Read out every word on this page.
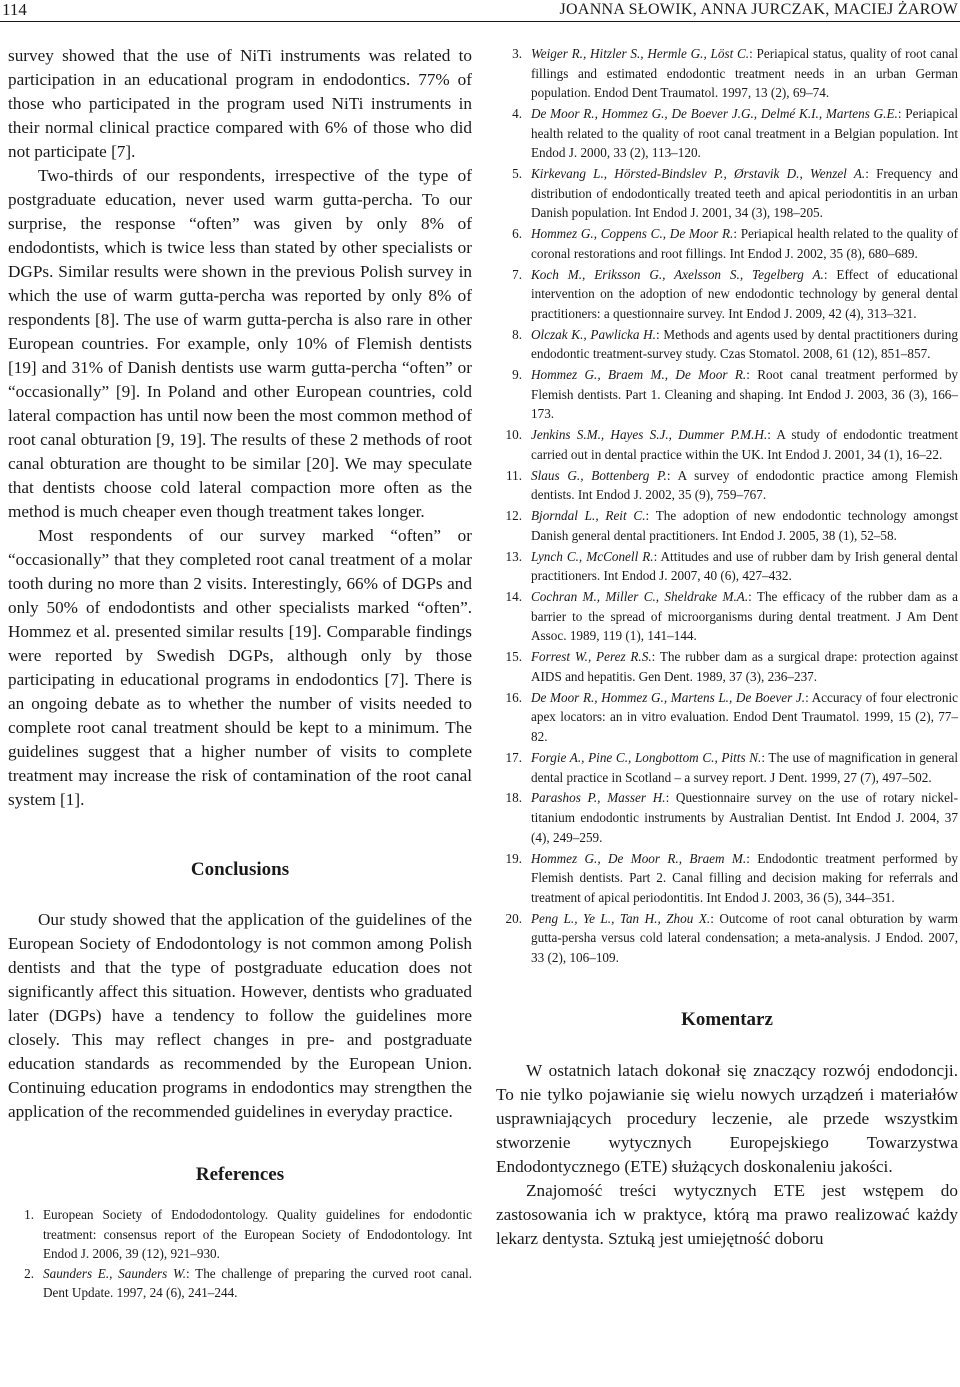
114	JOANNA SŁOWIK, ANNA JURCZAK, MACIEJ ŻAROW

survey showed that the use of NiTi instruments was related to participation in an educational program in endodontics. 77% of those who participated in the program used NiTi instruments in their normal clinical practice compared with 6% of those who did not participate [7].

Two-thirds of our respondents, irrespective of the type of postgraduate education, never used warm gutta-percha. To our surprise, the response “often” was given by only 8% of endodontists, which is twice less than stated by other specialists or DGPs. Similar results were shown in the previous Polish survey in which the use of warm gutta-percha was reported by only 8% of respondents [8]. The use of warm gutta-percha is also rare in other European countries. For example, only 10% of Flemish dentists [19] and 31% of Danish dentists use warm gutta-percha “often” or “occasionally” [9]. In Poland and other European countries, cold lateral compaction has until now been the most common method of root canal obturation [9, 19]. The results of these 2 methods of root canal obturation are thought to be similar [20]. We may speculate that dentists choose cold lateral compaction more often as the method is much cheaper even though treatment takes longer.

Most respondents of our survey marked “often” or “occasionally” that they completed root canal treatment of a molar tooth during no more than 2 visits. Interestingly, 66% of DGPs and only 50% of endodontists and other specialists marked “often”. Hommez et al. presented similar results [19]. Comparable findings were reported by Swedish DGPs, although only by those participating in educational programs in endodontics [7]. There is an ongoing debate as to whether the number of visits needed to complete root canal treatment should be kept to a minimum. The guidelines suggest that a higher number of visits to complete treatment may increase the risk of contamination of the root canal system [1].

Conclusions

Our study showed that the application of the guidelines of the European Society of Endodontology is not common among Polish dentists and that the type of postgraduate education does not significantly affect this situation. However, dentists who graduated later (DGPs) have a tendency to follow the guidelines more closely. This may reflect changes in pre- and postgraduate education standards as recommended by the European Union. Continuing education programs in endodontics may strengthen the application of the recommended guidelines in everyday practice.

References
1. European Society of Endododontology. Quality guidelines for endodontic treatment: consensus report of the European Society of Endodontology. Int Endod J. 2006, 39 (12), 921–930.
2. Saunders E., Saunders W.: The challenge of preparing the curved root canal. Dent Update. 1997, 24 (6), 241–244.
3. Weiger R., Hitzler S., Hermle G., Löst C.: Periapical status, quality of root canal fillings and estimated endodontic treatment needs in an urban German population. Endod Dent Traumatol. 1997, 13 (2), 69–74.
4. De Moor R., Hommez G., De Boever J.G., Delmé K.I., Martens G.E.: Periapical health related to the quality of root canal treatment in a Belgian population. Int Endod J. 2000, 33 (2), 113–120.
5. Kirkevang L., Hörsted-Bindslev P., Ørstavik D., Wenzel A.: Frequency and distribution of endodontically treated teeth and apical periodontitis in an urban Danish population. Int Endod J. 2001, 34 (3), 198–205.
6. Hommez G., Coppens C., De Moor R.: Periapical health related to the quality of coronal restorations and root fillings. Int Endod J. 2002, 35 (8), 680–689.
7. Koch M., Eriksson G., Axelsson S., Tegelberg A.: Effect of educational intervention on the adoption of new endodontic technology by general dental practitioners: a questionnaire survey. Int Endod J. 2009, 42 (4), 313–321.
8. Olczak K., Pawlicka H.: Methods and agents used by dental practitioners during endodontic treatment-survey study. Czas Stomatol. 2008, 61 (12), 851–857.
9. Hommez G., Braem M., De Moor R.: Root canal treatment performed by Flemish dentists. Part 1. Cleaning and shaping. Int Endod J. 2003, 36 (3), 166–173.
10. Jenkins S.M., Hayes S.J., Dummer P.M.H.: A study of endodontic treatment carried out in dental practice within the UK. Int Endod J. 2001, 34 (1), 16–22.
11. Slaus G., Bottenberg P.: A survey of endodontic practice among Flemish dentists. Int Endod J. 2002, 35 (9), 759–767.
12. Bjorndal L., Reit C.: The adoption of new endodontic technology amongst Danish general dental practitioners. Int Endod J. 2005, 38 (1), 52–58.
13. Lynch C., McConell R.: Attitudes and use of rubber dam by Irish general dental practitioners. Int Endod J. 2007, 40 (6), 427–432.
14. Cochran M., Miller C., Sheldrake M.A.: The efficacy of the rubber dam as a barrier to the spread of microorganisms during dental treatment. J Am Dent Assoc. 1989, 119 (1), 141–144.
15. Forrest W., Perez R.S.: The rubber dam as a surgical drape: protection against AIDS and hepatitis. Gen Dent. 1989, 37 (3), 236–237.
16. De Moor R., Hommez G., Martens L., De Boever J.: Accuracy of four electronic apex locators: an in vitro evaluation. Endod Dent Traumatol. 1999, 15 (2), 77–82.
17. Forgie A., Pine C., Longbottom C., Pitts N.: The use of magnification in general dental practice in Scotland – a survey report. J Dent. 1999, 27 (7), 497–502.
18. Parashos P., Masser H.: Questionnaire survey on the use of rotary nickel-titanium endodontic instruments by Australian Dentist. Int Endod J. 2004, 37 (4), 249–259.
19. Hommez G., De Moor R., Braem M.: Endodontic treatment performed by Flemish dentists. Part 2. Canal filling and decision making for referrals and treatment of apical periodontitis. Int Endod J. 2003, 36 (5), 344–351.
20. Peng L., Ye L., Tan H., Zhou X.: Outcome of root canal obturation by warm gutta-persha versus cold lateral condensation; a meta-analysis. J Endod. 2007, 33 (2), 106–109.
Komentarz

W ostatnich latach dokonał się znaczący rozwój endodoncji. To nie tylko pojawianie się wielu nowych urządzeń i materiałów usprawniających procedury leczenie, ale przede wszystkim stworzenie wytycznych Europejskiego Towarzystwa Endodontycznego (ETE) służących doskonaleniu jakości.

Znajomość treści wytycznych ETE jest wstępem do zastosowania ich w praktyce, którą ma prawo realizować każdy lekarz dentysta. Sztuką jest umiejętność doboru
